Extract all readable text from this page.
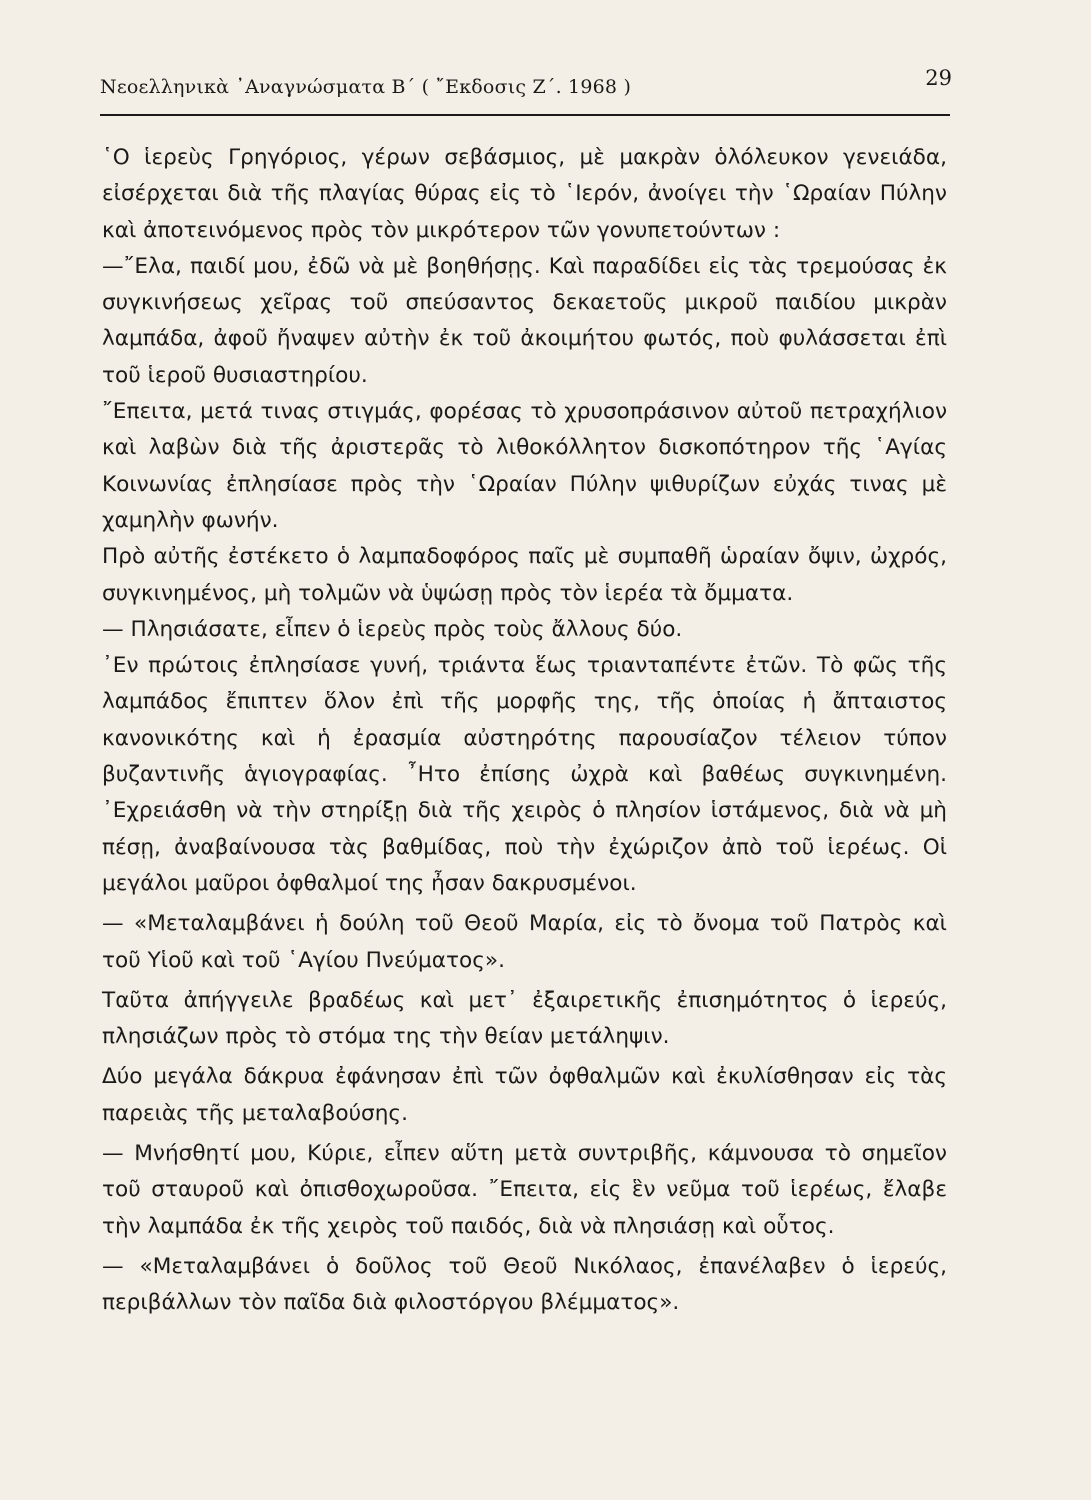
Νεοελληνικὰ ᾿Αναγνώσματα Β΄ ( ῎Εκδοσις Ζ΄. 1968 )	29

῾Ο ἱερεὺς Γρηγόριος, γέρων σεβάσμιος, μὲ μακρὰν ὁλόλευκον γενειάδα, εἰσέρχεται διὰ τῆς πλαγίας θύρας εἰς τὸ ῾Ιερόν, ἀνοίγει τὴν ῾Ωραίαν Πύλην καὶ ἀποτεινόμενος πρὸς τὸν μικρότερον τῶν γονυπετούντων :

—῎Ελα, παιδί μου, ἐδῶ νὰ μὲ βοηθήσῃς. Καὶ παραδίδει εἰς τὰς τρεμούσας ἐκ συγκινήσεως χεῖρας τοῦ σπεύσαντος δεκαετοῦς μικροῦ παιδίου μικρὰν λαμπάδα, ἀφοῦ ἤναψεν αὐτὴν ἐκ τοῦ ἀκοιμήτου φωτός, ποὺ φυλάσσεται ἐπὶ τοῦ ἱεροῦ θυσιαστηρίου.

῎Επειτα, μετά τινας στιγμάς, φορέσας τὸ χρυσοπράσινον αὐτοῦ πετραχήλιον καὶ λαβὼν διὰ τῆς ἀριστερᾶς τὸ λιθοκόλλητον δισκοπότηρον τῆς ῾Αγίας Κοινωνίας ἐπλησίασε πρὸς τὴν ῾Ωραίαν Πύλην ψιθυρίζων εὐχάς τινας μὲ χαμηλὴν φωνήν.

Πρὸ αὐτῆς ἐστέκετο ὁ λαμπαδοφόρος παῖς μὲ συμπαθῆ ὡραίαν ὄψιν, ὠχρός, συγκινημένος, μὴ τολμῶν νὰ ὑψώσῃ πρὸς τὸν ἱερέα τὰ ὄμματα.

— Πλησιάσατε, εἶπεν ὁ ἱερεὺς πρὸς τοὺς ἄλλους δύο.

᾿Εν πρώτοις ἐπλησίασε γυνή, τριάντα ἕως τριανταπέντε ἐτῶν. Τὸ φῶς τῆς λαμπάδος ἔπιπτεν ὅλον ἐπὶ τῆς μορφῆς της, τῆς ὁποίας ἡ ἄπταιστος κανονικότης καὶ ἡ ἐρασμία αὐστηρότης παρουσίαζον τέλειον τύπον βυζαντινῆς ἁγιογραφίας. ῏Ητο ἐπίσης ὠχρὰ καὶ βαθέως συγκινημένη. ᾿Εχρειάσθη νὰ τὴν στηρίξῃ διὰ τῆς χειρὸς ὁ πλησίον ἱστάμενος, διὰ νὰ μὴ πέσῃ, ἀναβαίνουσα τὰς βαθμίδας, ποὺ τὴν ἐχώριζον ἀπὸ τοῦ ἱερέως. Οἱ μεγάλοι μαῦροι ὀφθαλμοί της ἦσαν δακρυσμένοι.

— «Μεταλαμβάνει ἡ δούλη τοῦ Θεοῦ Μαρία, εἰς τὸ ὄνομα τοῦ Πατρὸς καὶ τοῦ Υἱοῦ καὶ τοῦ ῾Αγίου Πνεύματος».

Ταῦτα ἀπήγγειλε βραδέως καὶ μετ᾿ ἐξαιρετικῆς ἐπισημότητος ὁ ἱερεύς, πλησιάζων πρὸς τὸ στόμα της τὴν θείαν μετάληψιν.

Δύο μεγάλα δάκρυα ἐφάνησαν ἐπὶ τῶν ὀφθαλμῶν καὶ ἐκυλίσθησαν εἰς τὰς παρειὰς τῆς μεταλαβούσης.

— Μνήσθητί μου, Κύριε, εἶπεν αὕτη μετὰ συντριβῆς, κάμνουσα τὸ σημεῖον τοῦ σταυροῦ καὶ ὀπισθοχωροῦσα. ῎Επειτα, εἰς ἓν νεῦμα τοῦ ἱερέως, ἔλαβε τὴν λαμπάδα ἐκ τῆς χειρὸς τοῦ παιδός, διὰ νὰ πλησιάσῃ καὶ οὗτος.

— «Μεταλαμβάνει ὁ δοῦλος τοῦ Θεοῦ Νικόλαος, ἐπανέλαβεν ὁ ἱερεύς, περιβάλλων τὸν παῖδα διὰ φιλοστόργου βλέμματος».
